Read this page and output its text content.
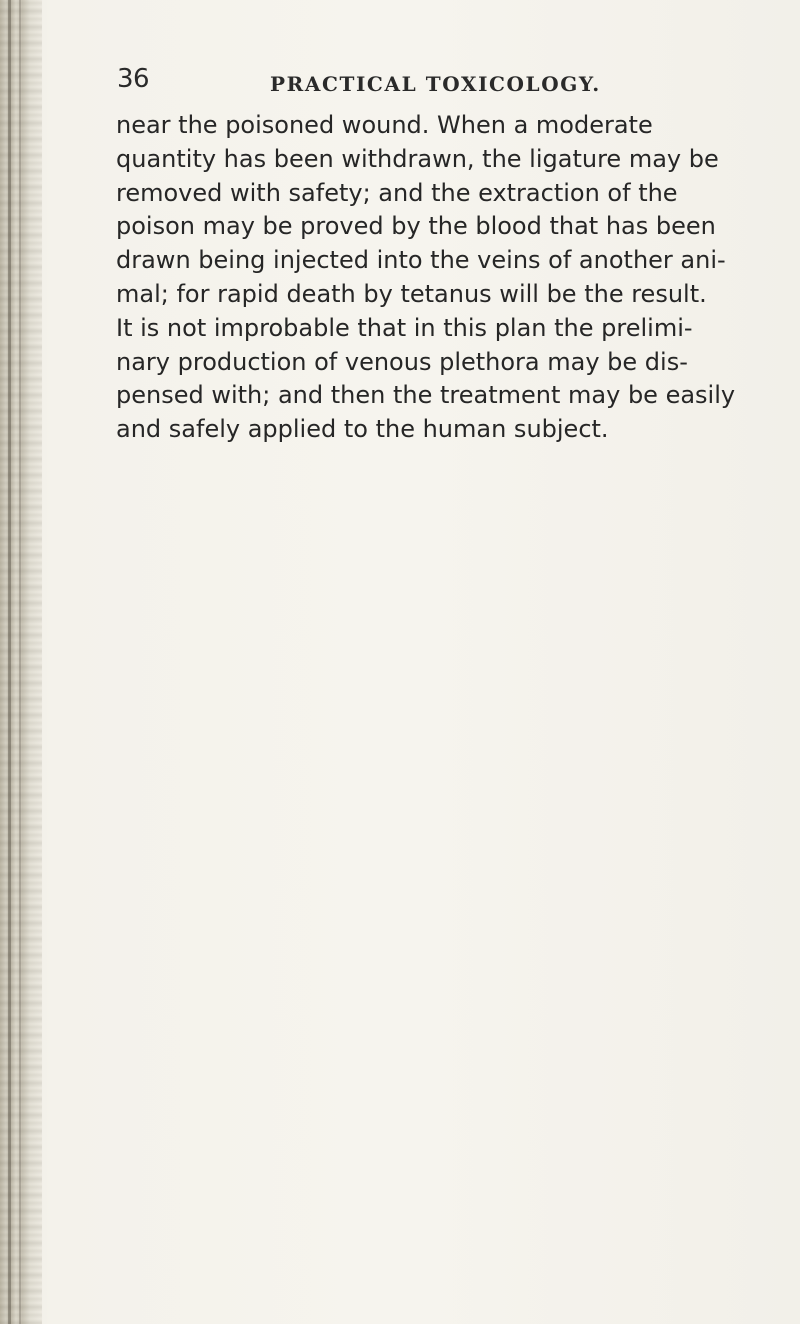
36	PRACTICAL TOXICOLOGY.
near the poisoned wound. When a moderate
quantity has been withdrawn, the ligature may be
removed with safety; and the extraction of the
poison may be proved by the blood that has been
drawn being injected into the veins of another ani-
mal; for rapid death by tetanus will be the result.
It is not improbable that in this plan the prelimi-
nary production of venous plethora may be dis-
pensed with; and then the treatment may be easily
and safely applied to the human subject.
